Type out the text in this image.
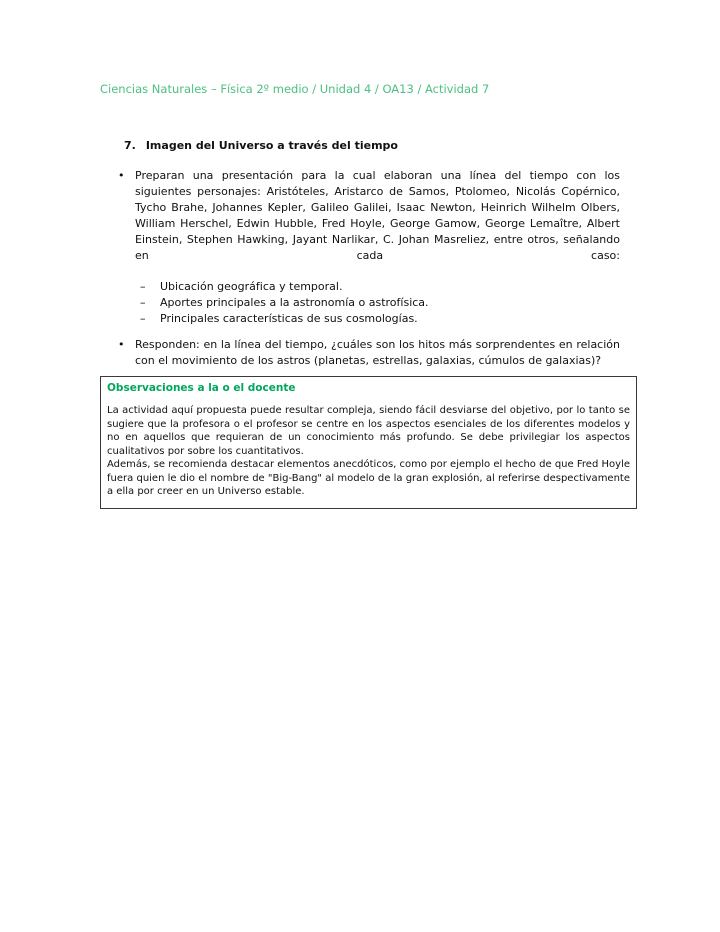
Ciencias Naturales – Física 2º medio / Unidad 4 / OA13 / Actividad 7
7. Imagen del Universo a través del tiempo
• Preparan una presentación para la cual elaboran una línea del tiempo con los siguientes personajes: Aristóteles, Aristarco de Samos, Ptolomeo, Nicolás Copérnico, Tycho Brahe, Johannes Kepler, Galileo Galilei, Isaac Newton, Heinrich Wilhelm Olbers, William Herschel, Edwin Hubble, Fred Hoyle, George Gamow, George Lemaître, Albert Einstein, Stephen Hawking, Jayant Narlikar, C. Johan Masreliez, entre otros, señalando en cada caso:

–	Ubicación geográfica y temporal.
–	Aportes principales a la astronomía o astrofísica.
–	Principales características de sus cosmologías.
• Responden: en la línea del tiempo, ¿cuáles son los hitos más sorprendentes en relación con el movimiento de los astros (planetas, estrellas, galaxias, cúmulos de galaxias)?

Observaciones a la o el docente

La actividad aquí propuesta puede resultar compleja, siendo fácil desviarse del objetivo, por lo tanto se sugiere que la profesora o el profesor se centre en los aspectos esenciales de los diferentes modelos y no en aquellos que requieran de un conocimiento más profundo. Se debe privilegiar los aspectos cualitativos por sobre los cuantitativos.

Además, se recomienda destacar elementos anecdóticos, como por ejemplo el hecho de que Fred Hoyle fuera quien le dio el nombre de "Big-Bang" al modelo de la gran explosión, al referirse despectivamente a ella por creer en un Universo estable.
